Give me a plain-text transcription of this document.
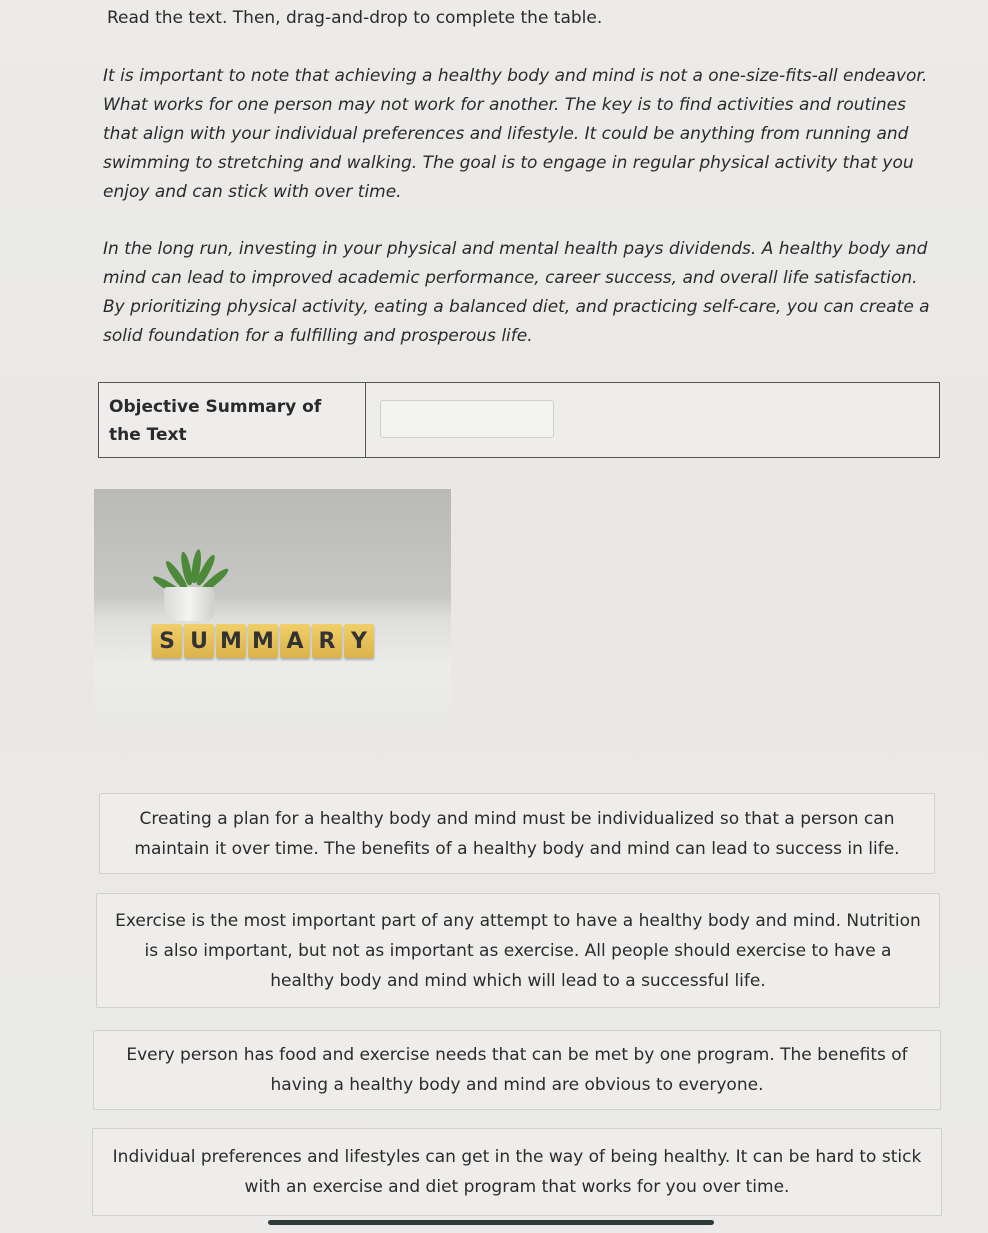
Read the text. Then, drag-and-drop to complete the table.

It is important to note that achieving a healthy body and mind is not a one-size-fits-all endeavor. What works for one person may not work for another. The key is to find activities and routines that align with your individual preferences and lifestyle. It could be anything from running and swimming to stretching and walking. The goal is to engage in regular physical activity that you enjoy and can stick with over time.

In the long run, investing in your physical and mental health pays dividends. A healthy body and mind can lead to improved academic performance, career success, and overall life satisfaction. By prioritizing physical activity, eating a balanced diet, and practicing self-care, you can create a solid foundation for a fulfilling and prosperous life.

Objective Summary of the Text
S U M M A R Y
Creating a plan for a healthy body and mind must be individualized so that a person can maintain it over time. The benefits of a healthy body and mind can lead to success in life.
Exercise is the most important part of any attempt to have a healthy body and mind. Nutrition is also important, but not as important as exercise. All people should exercise to have a healthy body and mind which will lead to a successful life.
Every person has food and exercise needs that can be met by one program. The benefits of having a healthy body and mind are obvious to everyone.
Individual preferences and lifestyles can get in the way of being healthy. It can be hard to stick with an exercise and diet program that works for you over time.
